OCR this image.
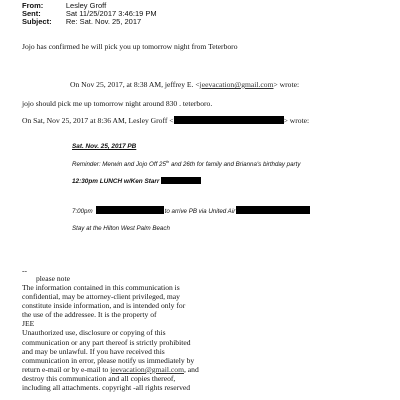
From:	Lesley Groff
Sent:	Sat 11/25/2017 3:46:19 PM
Subject: Re: Sat. Nov. 25, 2017
Jojo has confirmed he will pick you up tomorrow night from Teterboro
On Nov 25, 2017, at 8:38 AM, jeffrey E. <jeevacation@gmail.com> wrote:
jojo should pick me up tomorrow night around 830 . teterboro.
On Sat, Nov 25, 2017 at 8:36 AM, Lesley Groff <	> wrote:
Sat. Nov. 25, 2017 PB
Reminder: Merwin and Jojo Off 25th and 26th for family and Brianna's birthday party
12:30pm LUNCH w/Ken Starr
7:00pm	to arrive PB via United Air
Stay at the Hilton West Palm Beach
--
please note
The information contained in this communication is
confidential, may be attorney-client privileged, may
constitute inside information, and is intended only for
the use of the addressee. It is the property of
JEE
Unauthorized use, disclosure or copying of this
communication or any part thereof is strictly prohibited
and may be unlawful. If you have received this
communication in error, please notify us immediately by
return e-mail or by e-mail to jeevacation@gmail.com, and
destroy this communication and all copies thereof,
including all attachments. copyright -all rights reserved
